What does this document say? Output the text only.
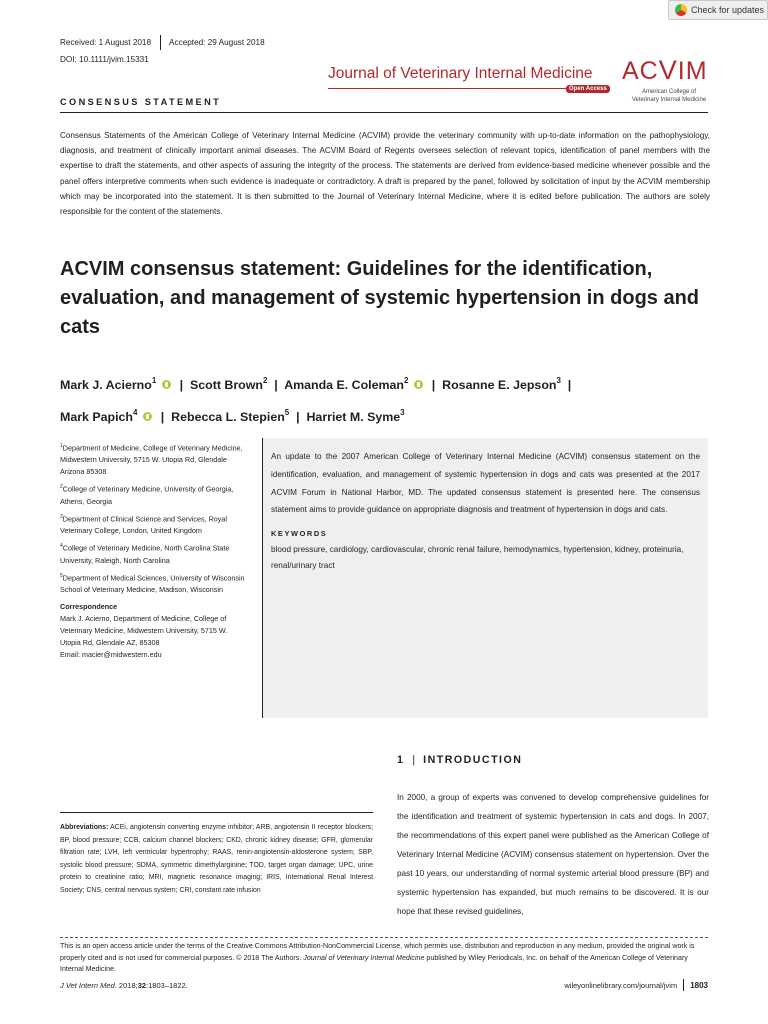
Check for updates
Received: 1 August 2018 Accepted: 29 August 2018
DOI: 10.1111/jvim.15331
Journal of Veterinary Internal Medicine
Open Access
ACVIM
American College of
Veterinary Internal Medicine
CONSENSUS STATEMENT

Consensus Statements of the American College of Veterinary Internal Medicine (ACVIM) provide the veterinary community with up-to-date information on the pathophysiology, diagnosis, and treatment of clinically important animal diseases. The ACVIM Board of Regents oversees selection of relevant topics, identification of panel members with the expertise to draft the statements, and other aspects of assuring the integrity of the process. The statements are derived from evidence-based medicine whenever possible and the panel offers interpretive comments when such evidence is inadequate or contradictory. A draft is prepared by the panel, followed by solicitation of input by the ACVIM membership which may be incorporated into the statement. It is then submitted to the Journal of Veterinary Internal Medicine, where it is edited before publication. The authors are solely responsible for the content of the statements.

ACVIM consensus statement: Guidelines for the identification, evaluation, and management of systemic hypertension in dogs and cats
Mark J. Acierno$^1$   |  Scott Brown$^2$  |  Amanda E. Coleman$^2$   |  Rosanne E. Jepson$^3$  |
Mark Papich$^4$   |  Rebecca L. Stepien$^5$  |  Harriet M. Syme$^3$
$^1$Department of Medicine, College of Veterinary Medicine, Midwestern University, 5715 W. Utopia Rd, Glendale Arizona 85308
$^2$College of Veterinary Medicine, University of Georgia, Athens, Georgia
$^3$Department of Clinical Science and Services, Royal Veterinary College, London, United Kingdom
$^4$College of Veterinary Medicine, North Carolina State University, Raleigh, North Carolina
$^5$Department of Medical Sciences, University of Wisconsin School of Veterinary Medicine, Madison, Wisconsin
Correspondence
Mark J. Acierno, Department of Medicine, College of Veterinary Medicine, Midwestern University, 5715 W. Utopia Rd, Glendale AZ, 85308
Email: macier@midwestern.edu
An update to the 2007 American College of Veterinary Internal Medicine (ACVIM) consensus statement on the identification, evaluation, and management of systemic hypertension in dogs and cats was presented at the 2017 ACVIM Forum in National Harbor, MD. The updated consensus statement is presented here. The consensus statement aims to provide guidance on appropriate diagnosis and treatment of hypertension in dogs and cats.
KEYWORDS
blood pressure, cardiology, cardiovascular, chronic renal failure, hemodynamics, hypertension, kidney, proteinuria, renal/urinary tract
1 | INTRODUCTION

In 2000, a group of experts was convened to develop comprehensive guidelines for the identification and treatment of systemic hypertension in cats and dogs. In 2007, the recommendations of this expert panel were published as the American College of Veterinary Internal Medicine (ACVIM) consensus statement on hypertension. Over the past 10 years, our understanding of normal systemic arterial blood pressure (BP) and systemic hypertension has expanded, but much remains to be discovered. It is our hope that these revised guidelines,

Abbreviations: ACEi, angiotensin converting enzyme inhibitor; ARB, angiotensin II receptor blockers; BP, blood pressure; CCB, calcium channel blockers; CKD, chronic kidney disease; GFR, glomerular filtration rate; LVH, left ventricular hypertrophy; RAAS, renin-angiotensin-aldosterone system; SBP, systolic blood pressure; SDMA, symmetric dimethylarginine; TOD, target organ damage; UPC, urine protein to creatinine ratio; MRI, magnetic resonance imaging; IRIS, International Renal Interest Society; CNS, central nervous system; CRI, constant rate infusion

This is an open access article under the terms of the Creative Commons Attribution-NonCommercial License, which permits use, distribution and reproduction in any medium, provided the original work is properly cited and is not used for commercial purposes. © 2018 The Authors. Journal of Veterinary Internal Medicine published by Wiley Periodicals, Inc. on behalf of the American College of Veterinary Internal Medicine.

J Vet Intern Med. 2018;32:1803–1822.	wileyonlinelibrary.com/journal/jvim 1803
